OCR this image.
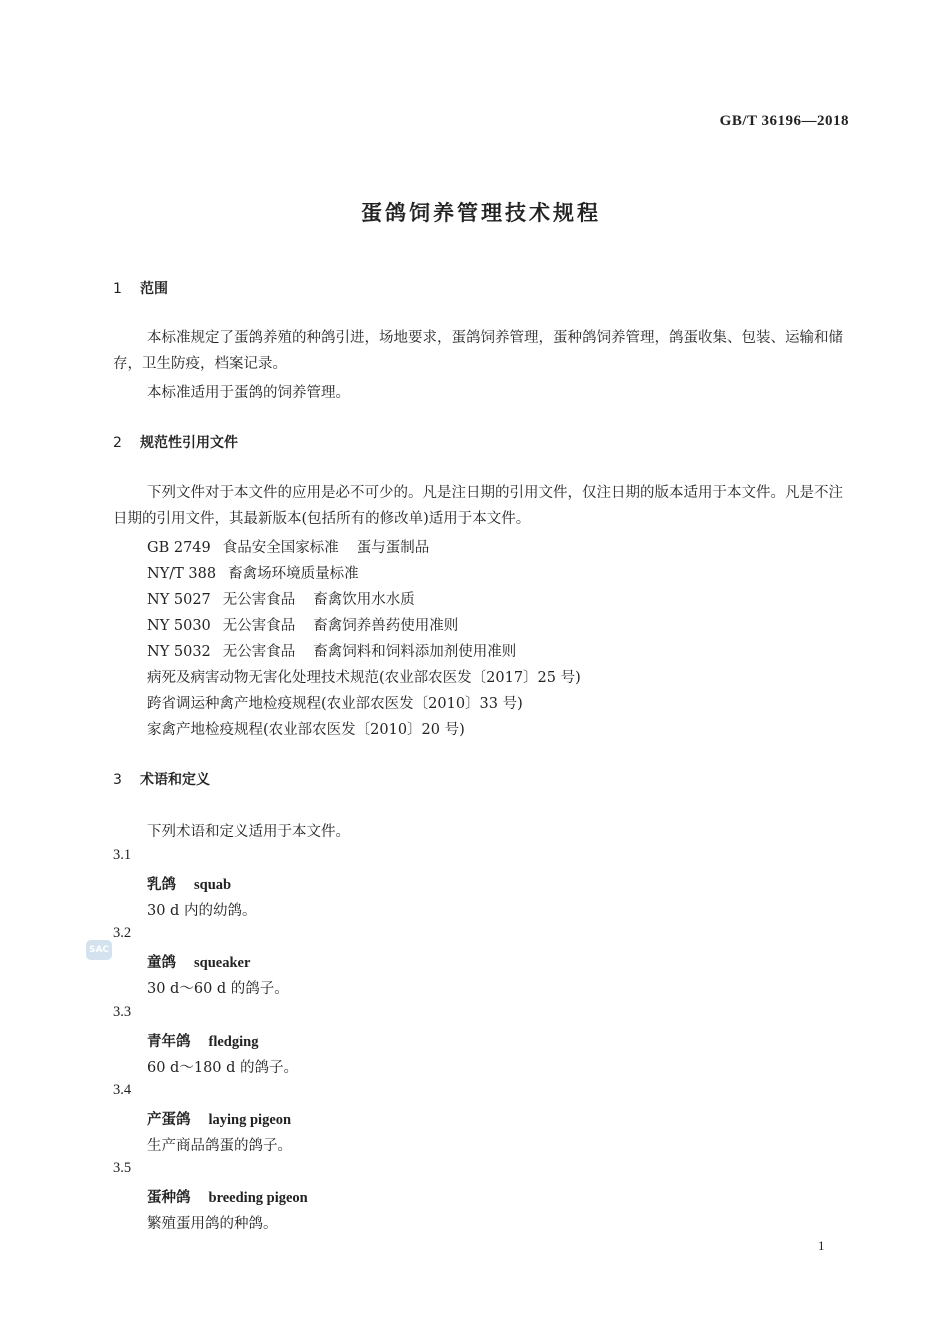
GB/T 36196—2018
蛋鸽饲养管理技术规程
1 范围
本标准规定了蛋鸽养殖的种鸽引进，场地要求，蛋鸽饲养管理，蛋种鸽饲养管理，鸽蛋收集、包装、运输和储存，卫生防疫，档案记录。
本标准适用于蛋鸽的饲养管理。
2 规范性引用文件
下列文件对于本文件的应用是必不可少的。凡是注日期的引用文件，仅注日期的版本适用于本文件。凡是不注日期的引用文件，其最新版本(包括所有的修改单)适用于本文件。
GB 2749 食品安全国家标准 蛋与蛋制品
NY/T 388 畜禽场环境质量标准
NY 5027 无公害食品 畜禽饮用水水质
NY 5030 无公害食品 畜禽饲养兽药使用准则
NY 5032 无公害食品 畜禽饲料和饲料添加剂使用准则
病死及病害动物无害化处理技术规范(农业部农医发〔2017〕25 号)
跨省调运种禽产地检疫规程(农业部农医发〔2010〕33 号)
家禽产地检疫规程(农业部农医发〔2010〕20 号)
3 术语和定义
下列术语和定义适用于本文件。
3.1
乳鸽 squab
30 d 内的幼鸽。
3.2
童鸽 squeaker
30 d～60 d 的鸽子。
3.3
青年鸽 fledging
60 d～180 d 的鸽子。
3.4
产蛋鸽 laying pigeon
生产商品鸽蛋的鸽子。
3.5
蛋种鸽 breeding pigeon
繁殖蛋用鸽的种鸽。
SAC
1
